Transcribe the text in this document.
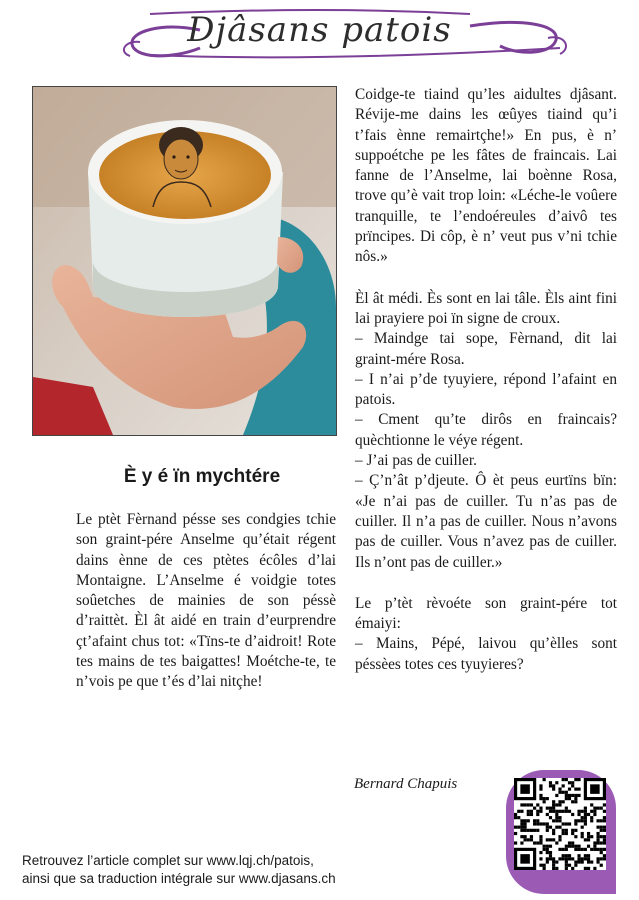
Djâsans patois
È y é ïn mychtére

Le ptèt Fèrnand pésse ses condgies tchie son graint-pére Anselme qu’était régent dains ènne de ces ptètes écôles d’lai Montaigne. L’Anselme é voidgie totes soûetches de mainies de son péssè d’raittèt. Èl ât aidé en train d’eurprendre çt’afaint chus tot: «Tïns-te d’aidroit! Rote tes mains de tes baigattes! Moétche-te, te n’vois pe que t’és d’lai nitçhe!

Coidge-te tiaind qu’les aidultes djâsant. Révije-me dains les œûyes tiaind qu’i t’fais ènne remairtçhe!» En pus, è n’ suppoétche pe les fâtes de fraincais. Lai fanne de l’Anselme, lai boènne Rosa, trove qu’è vait trop loin: «Léche-le voûere tranquille, te l’endoéreules d’aivô tes prïncipes. Di côp, è n’ veut pus v’ni tchie nôs.»

Èl ât médi. Ès sont en lai tâle. Èls aint fini lai prayiere poi ïn signe de croux.
– Maindge tai sope, Fèrnand, dit lai graint-mére Rosa.
– I n’ai p’de tyuyiere, répond l’afaint en patois.
– Cment qu’te dirôs en fraincais? quèchtionne le véye régent.
– J’ai pas de cuiller.
– Ç’n’ât p’djeute. Ô èt peus eurtïns bïn: «Je n’ai pas de cuiller. Tu n’as pas de cuiller. Il n’a pas de cuiller. Nous n’avons pas de cuiller. Vous n’avez pas de cuiller. Ils n’ont pas de cuiller.»

Le p’tèt rèvoéte son graint-pére tot émaiyi:
– Mains, Pépé, laivou qu’èlles sont péssèes totes ces tyuyieres?

Bernard Chapuis
Retrouvez l’article complet sur www.lqj.ch/patois,
ainsi que sa traduction intégrale sur www.djasans.ch
